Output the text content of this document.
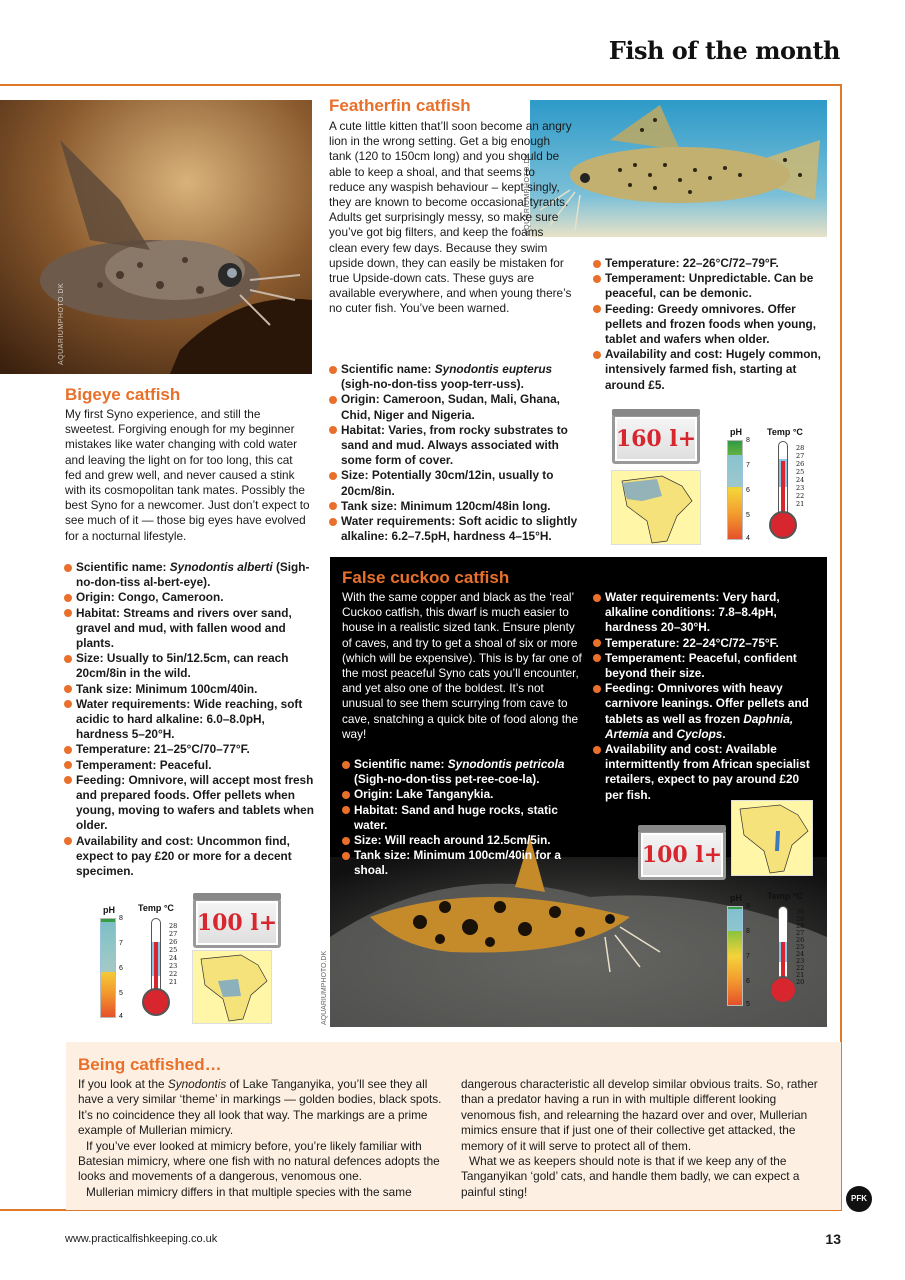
Fish of the month
AQUARIUMPHOTO.DK
AQUARIUMPHOTO.DK
Featherfin catfish
A cute little kitten that’ll soon become an angry lion in the wrong setting. Get a big enough tank (120 to 150cm long) and you should be able to keep a shoal, and that seems to reduce any waspish behaviour – kept singly, they are known to become occasional tyrants. Adults get surprisingly messy, so make sure you’ve got big filters, and keep the foams clean every few days. Because they swim upside down, they can easily be mistaken for true Upside-down cats. These guys are available everywhere, and when young there’s no cuter fish. You’ve been warned.
Scientific name: Synodontis eupterus (sigh-no-don-tiss yoop-terr-uss).
Origin: Cameroon, Sudan, Mali, Ghana, Chid, Niger and Nigeria.
Habitat: Varies, from rocky substrates to sand and mud. Always associated with some form of cover.
Size: Potentially 30cm/12in, usually to 20cm/8in.
Tank size: Minimum 120cm/48in long.
Water requirements: Soft acidic to slightly alkaline: 6.2–7.5pH, hardness 4–15°H.
Temperature: 22–26°C/72–79°F.
Temperament: Unpredictable. Can be peaceful, can be demonic.
Feeding: Greedy omnivores. Offer pellets and frozen foods when young, tablet and wafers when older.
Availability and cost: Hugely common, intensively farmed fish, starting at around £5.
160 l+	pH
8
7
6
5
4
Temp °C
28
27
26
25
24
23
22
21
Bigeye catfish
My first Syno experience, and still the sweetest. Forgiving enough for my beginner mistakes like water changing with cold water and leaving the light on for too long, this cat fed and grew well, and never caused a stink with its cosmopolitan tank mates. Possibly the best Syno for a newcomer. Just don’t expect to see much of it — those big eyes have evolved for a nocturnal lifestyle.
Scientific name: Synodontis alberti (Sigh-no-don-tiss al-bert-eye).
Origin: Congo, Cameroon.
Habitat: Streams and rivers over sand, gravel and mud, with fallen wood and plants.
Size: Usually to 5in/12.5cm, can reach 20cm/8in in the wild.
Tank size: Minimum 100cm/40in.
Water requirements: Wide reaching, soft acidic to hard alkaline: 6.0–8.0pH, hardness 5–20°H.
Temperature: 21–25°C/70–77°F.
Temperament: Peaceful.
Feeding: Omnivore, will accept most fresh and prepared foods. Offer pellets when young, moving to wafers and tablets when older.
Availability and cost: Uncommon find, expect to pay £20 or more for a decent specimen.
pH
8
7
6
5
4
Temp °C
28
27
26
25
24
23
22
21
100 l+
AQUARIUMPHOTO.DK
False cuckoo catfish
With the same copper and black as the ‘real’ Cuckoo catfish, this dwarf is much easier to house in a realistic sized tank. Ensure plenty of caves, and try to get a shoal of six or more (which will be expensive). This is by far one of the most peaceful Syno cats you’ll encounter, and yet also one of the boldest. It’s not unusual to see them scurrying from cave to cave, snatching a quick bite of food along the way!
Scientific name: Synodontis petricola (Sigh-no-don-tiss pet-ree-coe-la).
Origin: Lake Tanganykia.
Habitat: Sand and huge rocks, static water.
Size: Will reach around 12.5cm/5in.
Tank size: Minimum 100cm/40in for a shoal.
Water requirements: Very hard, alkaline conditions: 7.8–8.4pH, hardness 20–30°H.
Temperature: 22–24°C/72–75°F.
Temperament: Peaceful, confident beyond their size.
Feeding: Omnivores with heavy carnivore leanings. Offer pellets and tablets as well as frozen Daphnia, Artemia and Cyclops.
Availability and cost: Available intermittently from African specialist retailers, expect to pay around £20 per fish.
100 l+
pH
9
8
7
6
5
Temp °C
30
29
28
27
26
25
24
23
22
21
20
Being catfished…

If you look at the Synodontis of Lake Tanganyika, you’ll see they all have a very similar ‘theme’ in markings — golden bodies, black spots. It’s no coincidence they all look that way. The markings are a prime example of Mullerian mimicry.

If you’ve ever looked at mimicry before, you’re likely familiar with Batesian mimicry, where one fish with no natural defences adopts the looks and movements of a dangerous, venomous one.

Mullerian mimicry differs in that multiple species with the same

dangerous characteristic all develop similar obvious traits. So, rather than a predator having a run in with multiple different looking venomous fish, and relearning the hazard over and over, Mullerian mimics ensure that if just one of their collective get attacked, the memory of it will serve to protect all of them.

What we as keepers should note is that if we keep any of the Tanganyikan ‘gold’ cats, and handle them badly, we can expect a painful sting!

www.practicalfishkeeping.co.uk	13
PFK
